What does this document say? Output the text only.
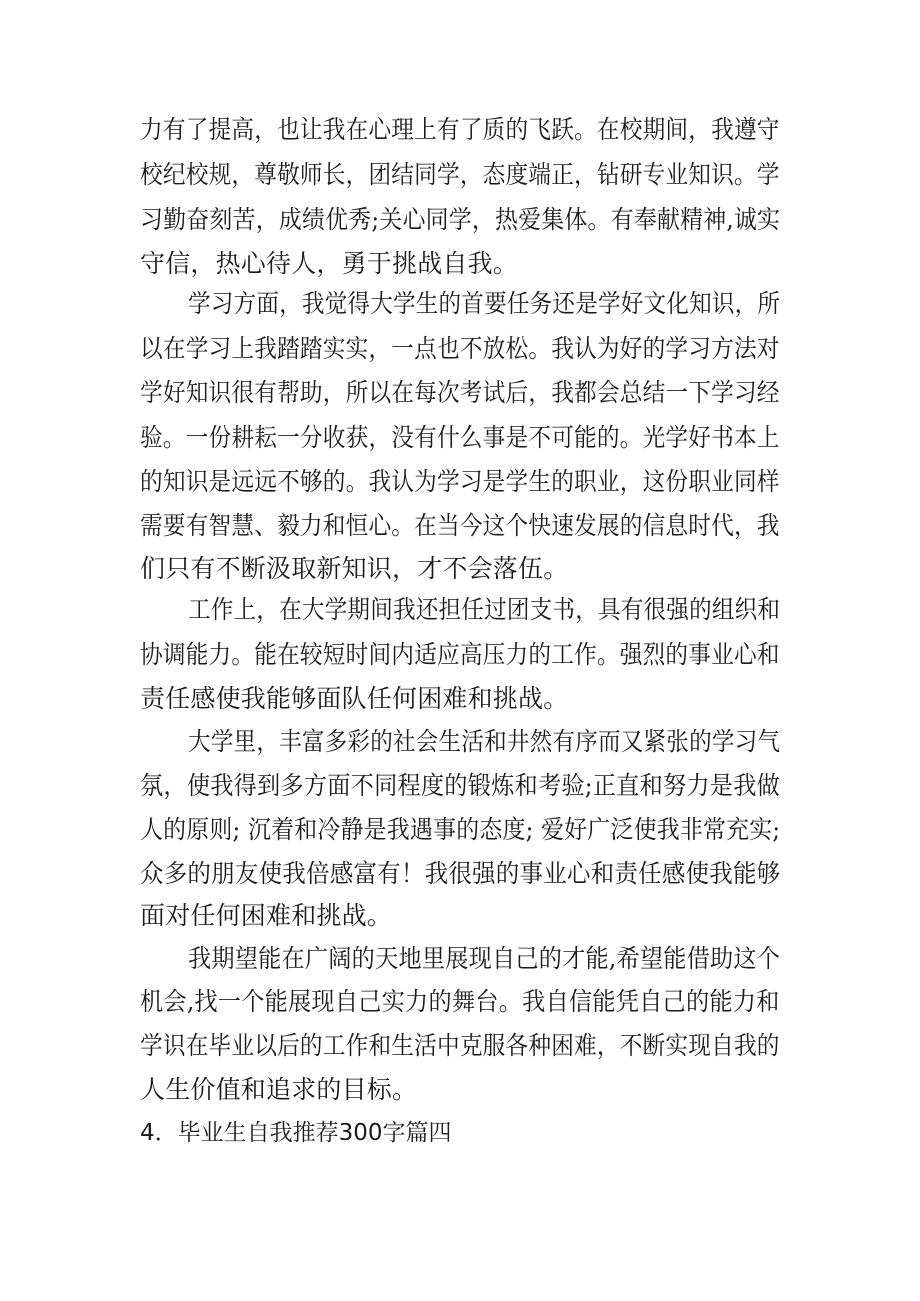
力有了提高，也让我在心理上有了质的飞跃。在校期间，我遵守
校纪校规，尊敬师长，团结同学，态度端正，钻研专业知识。学
习勤奋刻苦，成绩优秀;关心同学，热爱集体。有奉献精神,诚实
守信，热心待人，勇于挑战自我。
学习方面，我觉得大学生的首要任务还是学好文化知识，所
以在学习上我踏踏实实，一点也不放松。我认为好的学习方法对
学好知识很有帮助，所以在每次考试后，我都会总结一下学习经
验。一份耕耘一分收获，没有什么事是不可能的。光学好书本上
的知识是远远不够的。我认为学习是学生的职业，这份职业同样
需要有智慧、毅力和恒心。在当今这个快速发展的信息时代，我
们只有不断汲取新知识，才不会落伍。
工作上，在大学期间我还担任过团支书，具有很强的组织和
协调能力。能在较短时间内适应高压力的工作。强烈的事业心和
责任感使我能够面队任何困难和挑战。
大学里，丰富多彩的社会生活和井然有序而又紧张的学习气
氛，使我得到多方面不同程度的锻炼和考验;正直和努力是我做
人的原则; 沉着和冷静是我遇事的态度; 爱好广泛使我非常充实;
众多的朋友使我倍感富有！我很强的事业心和责任感使我能够
面对任何困难和挑战。
我期望能在广阔的天地里展现自己的才能,希望能借助这个
机会,找一个能展现自己实力的舞台。我自信能凭自己的能力和
学识在毕业以后的工作和生活中克服各种困难，不断实现自我的
人生价值和追求的目标。
4．毕业生自我推荐300字篇四
